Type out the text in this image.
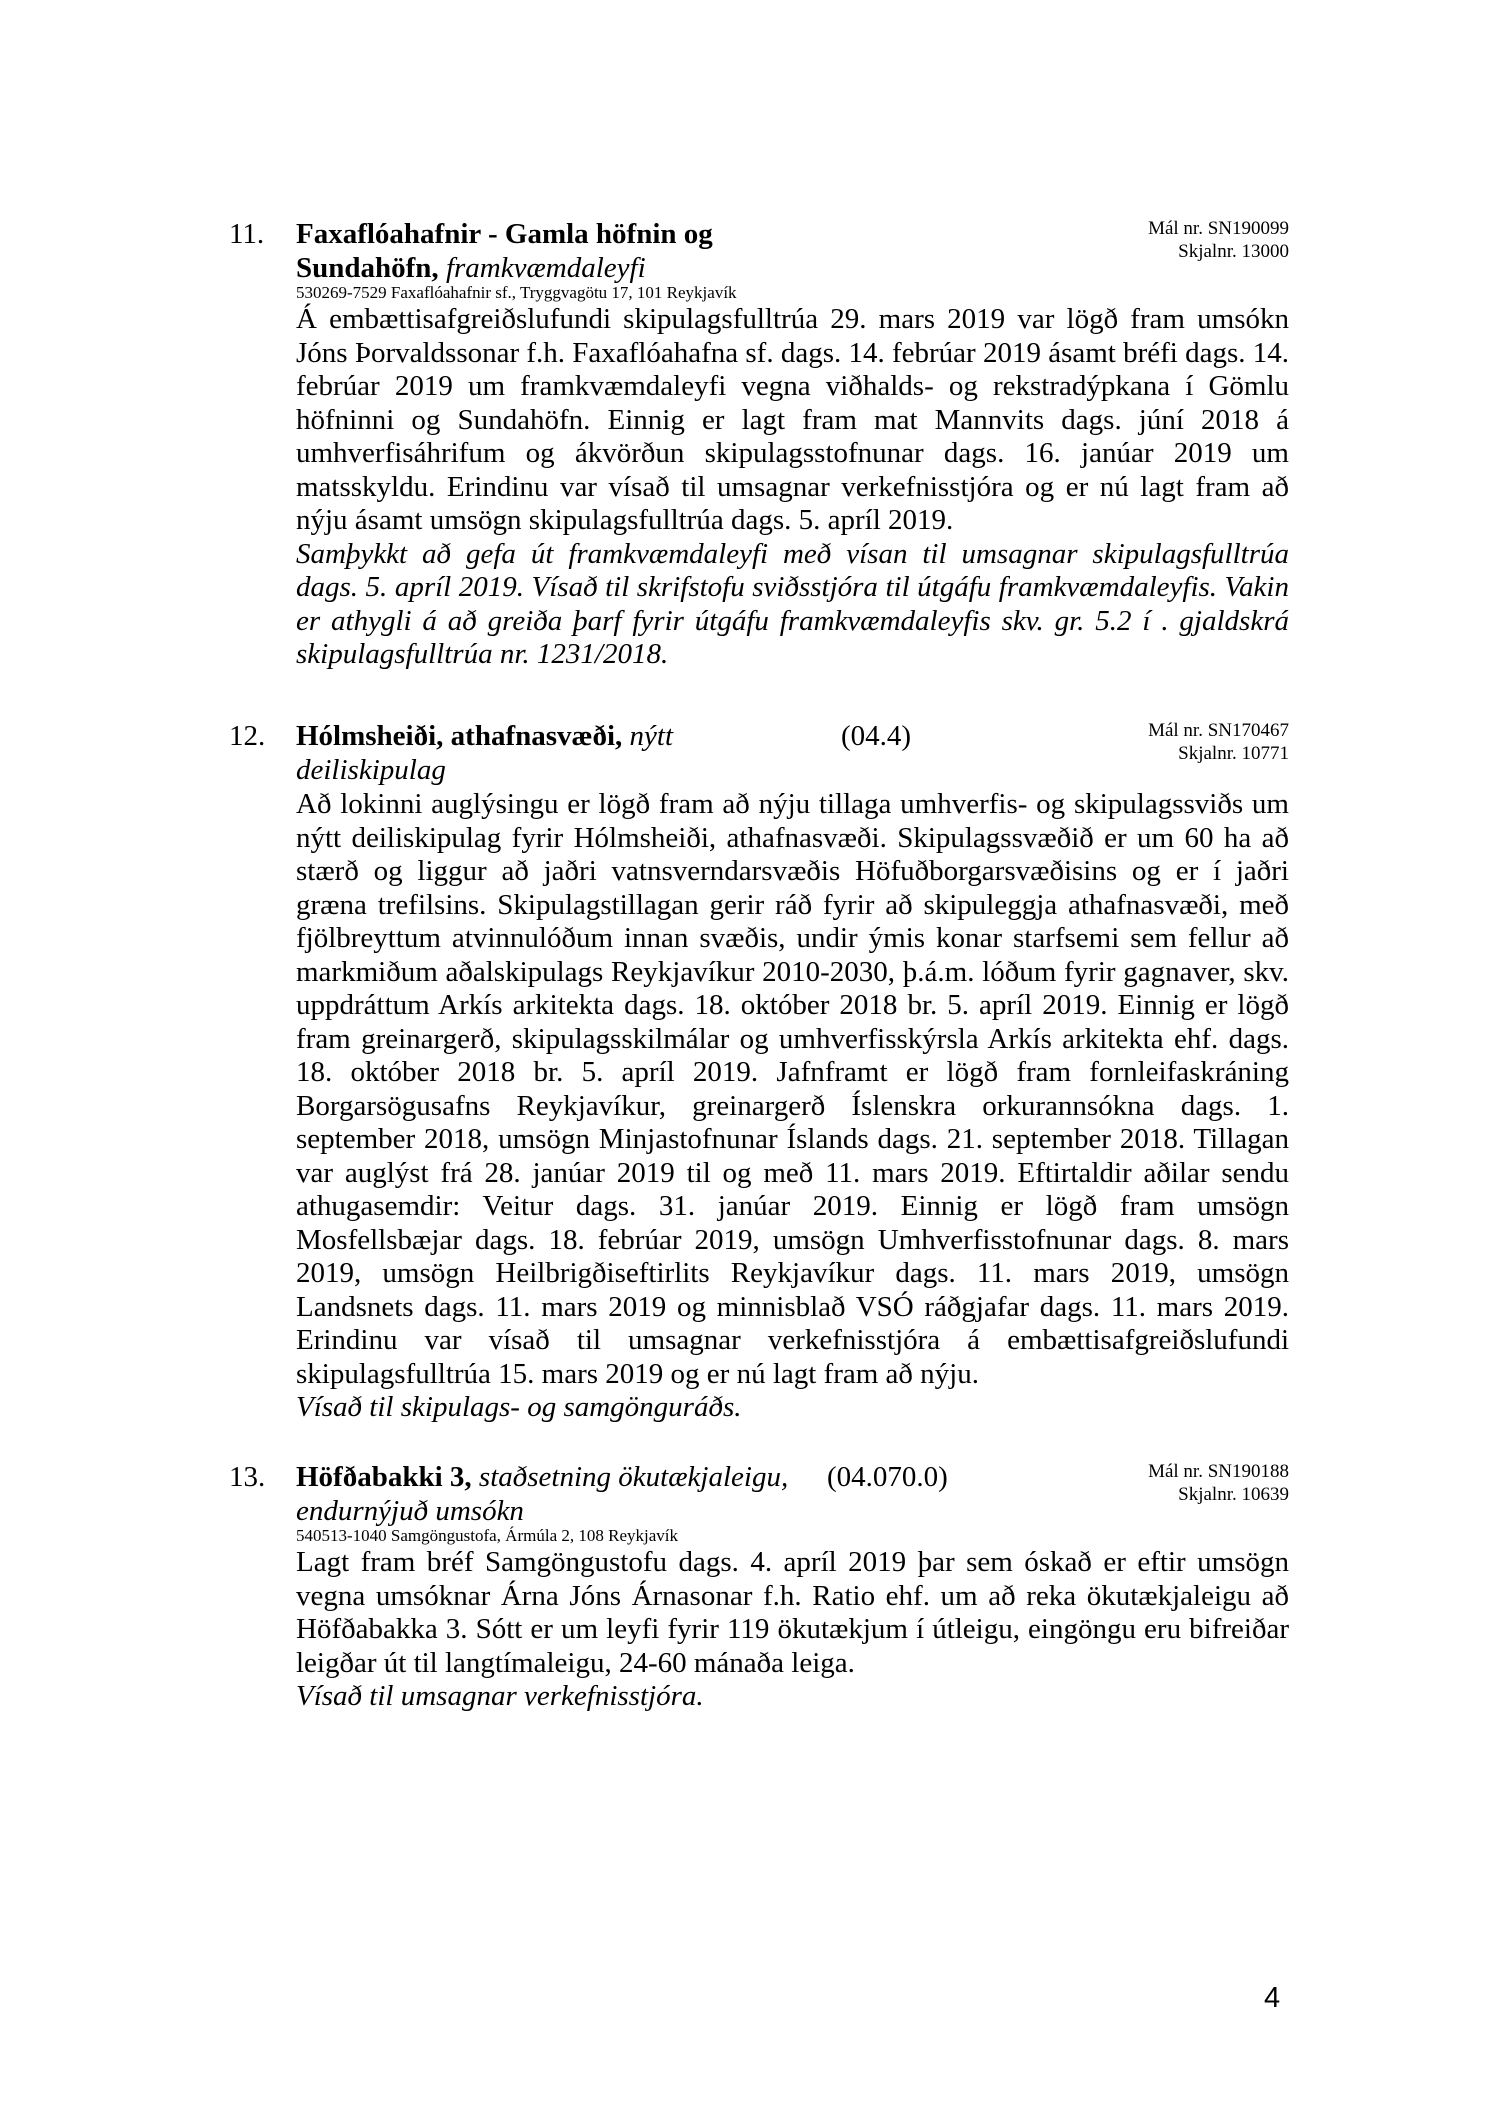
11. Faxaflóahafnir - Gamla höfnin og Sundahöfn, framkvæmdaleyfi
Mál nr. SN190099
Skjalnr. 13000
530269-7529 Faxaflóahafnir sf., Tryggvagötu 17, 101 Reykjavík

Á embættisafgreiðslufundi skipulagsfulltrúa 29. mars 2019 var lögð fram umsókn Jóns Þorvaldssonar f.h. Faxaflóahafna sf. dags. 14. febrúar 2019 ásamt bréfi dags. 14. febrúar 2019 um framkvæmdaleyfi vegna viðhalds- og rekstradýpkana í Gömlu höfninni og Sundahöfn. Einnig er lagt fram mat Mannvits dags. júní 2018 á umhverfisáhrifum og ákvörðun skipulagsstofnunar dags. 16. janúar 2019 um matsskyldu. Erindinu var vísað til umsagnar verkefnisstjóra og er nú lagt fram að nýju ásamt umsögn skipulagsfulltrúa dags. 5. apríl 2019.

Samþykkt að gefa út framkvæmdaleyfi með vísan til umsagnar skipulagsfulltrúa dags. 5. apríl 2019. Vísað til skrifstofu sviðsstjóra til útgáfu framkvæmdaleyfis. Vakin er athygli á að greiða þarf fyrir útgáfu framkvæmdaleyfis skv. gr. 5.2 í . gjaldskrá skipulagsfulltrúa nr. 1231/2018.

12. Hólmsheiði, athafnasvæði, nýtt deiliskipulag
(04.4)	Mál nr. SN170467
Skjalnr. 10771

Að lokinni auglýsingu er lögð fram að nýju tillaga umhverfis- og skipulagssviðs um nýtt deiliskipulag fyrir Hólmsheiði, athafnasvæði. Skipulagssvæðið er um 60 ha að stærð og liggur að jaðri vatnsverndarsvæðis Höfuðborgarsvæðisins og er í jaðri græna trefilsins. Skipulagstillagan gerir ráð fyrir að skipuleggja athafnasvæði, með fjölbreyttum atvinnulóðum innan svæðis, undir ýmis konar starfsemi sem fellur að markmiðum aðalskipulags Reykjavíkur 2010-2030, þ.á.m. lóðum fyrir gagnaver, skv. uppdráttum Arkís arkitekta dags. 18. október 2018 br. 5. apríl 2019. Einnig er lögð fram greinargerð, skipulagsskilmálar og umhverfisskýrsla Arkís arkitekta ehf. dags. 18. október 2018 br. 5. apríl 2019. Jafnframt er lögð fram fornleifaskráning Borgarsögusafns Reykjavíkur, greinargerð Íslenskra orkurannsókna dags. 1. september 2018, umsögn Minjastofnunar Íslands dags. 21. september 2018. Tillagan var auglýst frá 28. janúar 2019 til og með 11. mars 2019. Eftirtaldir aðilar sendu athugasemdir: Veitur dags. 31. janúar 2019. Einnig er lögð fram umsögn Mosfellsbæjar dags. 18. febrúar 2019, umsögn Umhverfisstofnunar dags. 8. mars 2019, umsögn Heilbrigðiseftirlits Reykjavíkur dags. 11. mars 2019, umsögn Landsnets dags. 11. mars 2019 og minnisblað VSÓ ráðgjafar dags. 11. mars 2019. Erindinu var vísað til umsagnar verkefnisstjóra á embættisafgreiðslufundi skipulagsfulltrúa 15. mars 2019 og er nú lagt fram að nýju.

Vísað til skipulags- og samgönguráðs.

13. Höfðabakki 3, staðsetning ökutækjaleigu, endurnýjuð umsókn
(04.070.0)	Mál nr. SN190188
Skjalnr. 10639
540513-1040 Samgöngustofa, Ármúla 2, 108 Reykjavík

Lagt fram bréf Samgöngustofu dags. 4. apríl 2019 þar sem óskað er eftir umsögn vegna umsóknar Árna Jóns Árnasonar f.h. Ratio ehf. um að reka ökutækjaleigu að Höfðabakka 3. Sótt er um leyfi fyrir 119 ökutækjum í útleigu, eingöngu eru bifreiðar leigðar út til langtímaleigu, 24-60 mánaða leiga.

Vísað til umsagnar verkefnisstjóra.

4
